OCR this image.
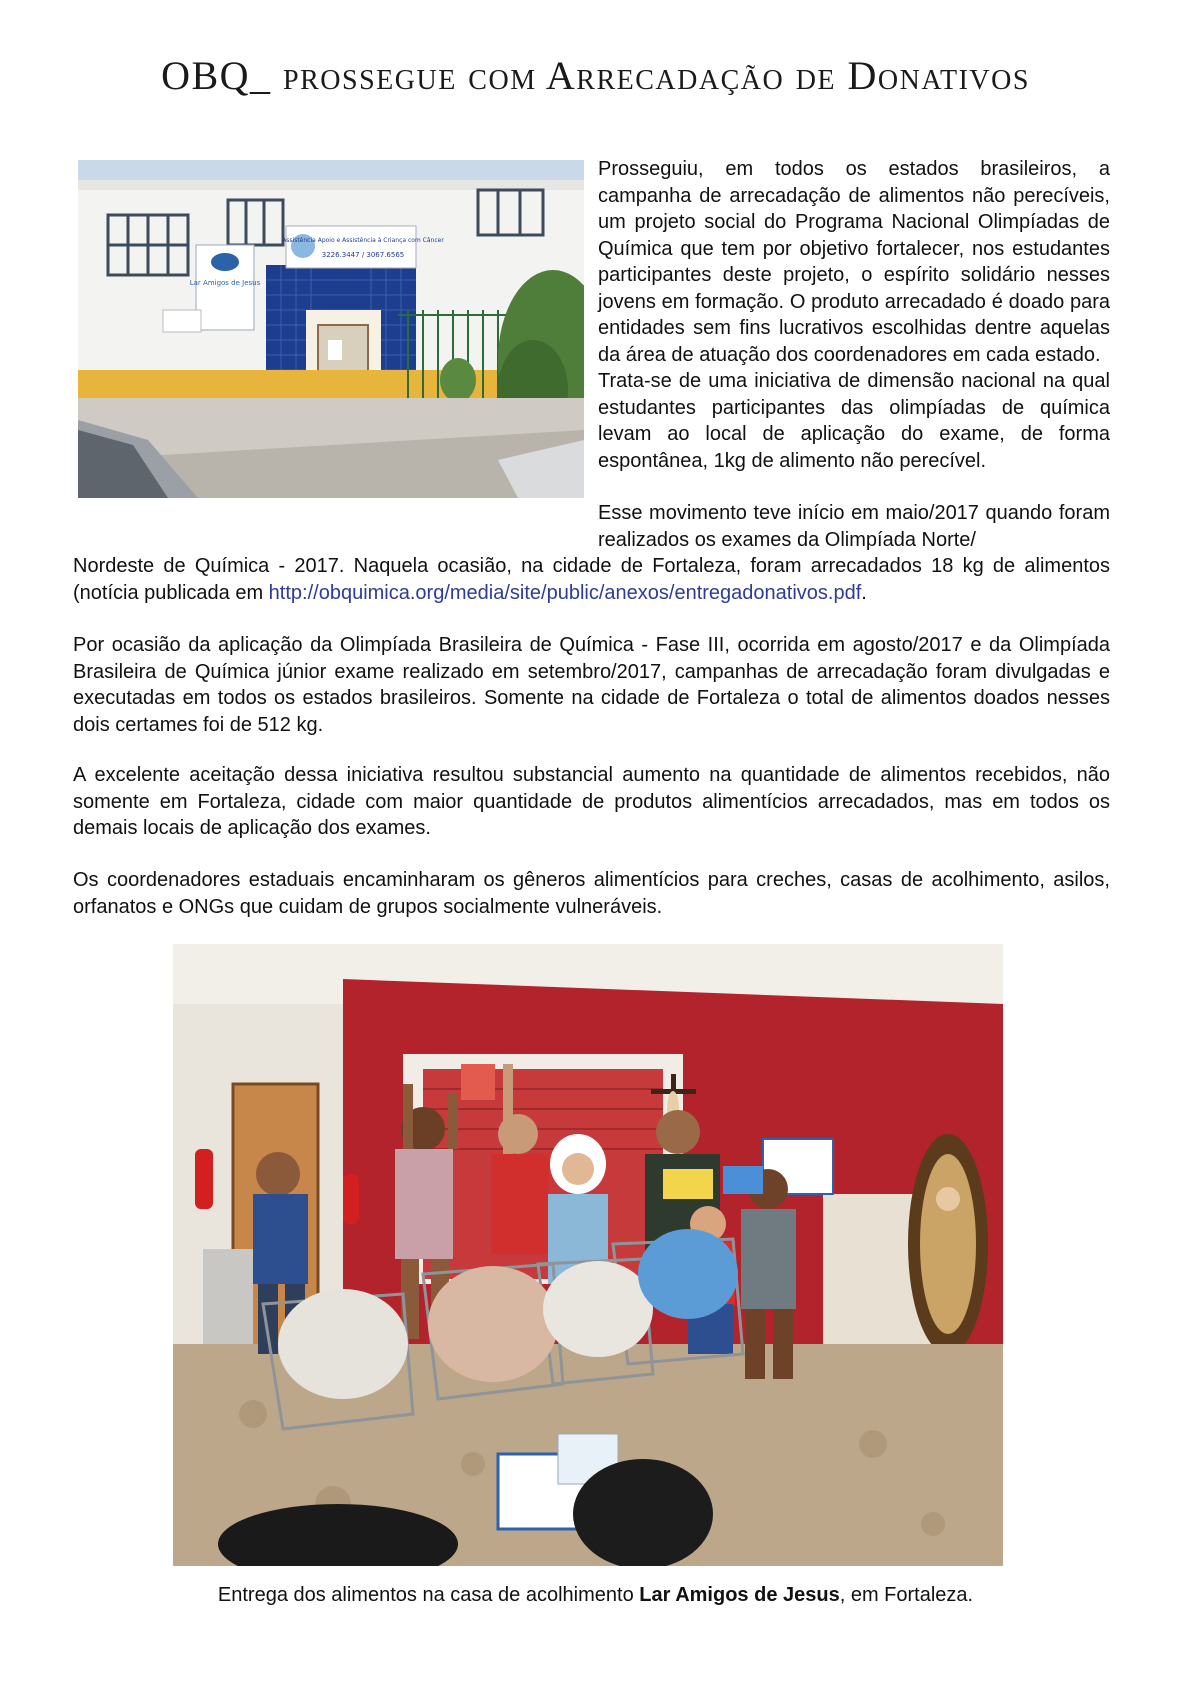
OBQ_ prossegue com Arrecadação de Donativos
Lar Amigos de Jesus
Assistência Apoio e Assistência à Criança com Câncer
3226.3447 / 3067.6565

Prosseguiu, em todos os estados brasileiros, a campanha de arrecadação de alimentos não perecíveis, um projeto social do Programa Nacional Olimpíadas de Química que tem por objetivo fortalecer, nos estudantes participantes deste projeto, o espírito solidário nesses jovens em formação. O produto arrecadado é doado para entidades sem fins lucrativos escolhidas dentre aquelas da área de atuação dos coordenadores em cada estado.
Trata-se de uma iniciativa de dimensão nacional na qual estudantes participantes das olimpíadas de química levam ao local de aplicação do exame, de forma espontânea, 1kg de alimento não perecível.

Esse movimento teve início em maio/2017 quando foram realizados os exames da Olimpíada Norte/

Nordeste de Química - 2017. Naquela ocasião, na cidade de Fortaleza, foram arrecadados 18 kg de alimentos (notícia publicada em http://obquimica.org/media/site/public/anexos/entregadonativos.pdf.

Por ocasião da aplicação da Olimpíada Brasileira de Química - Fase III, ocorrida em agosto/2017 e da Olimpíada Brasileira de Química júnior exame realizado em setembro/2017, campanhas de arrecadação foram divulgadas e executadas em todos os estados brasileiros. Somente na cidade de Fortaleza o total de alimentos doados nesses dois certames foi de 512 kg.

A excelente aceitação dessa iniciativa resultou substancial aumento na quantidade de alimentos recebidos, não somente em Fortaleza, cidade com maior quantidade de produtos alimentícios arrecadados, mas em todos os demais locais de aplicação dos exames.

Os coordenadores estaduais encaminharam os gêneros alimentícios para creches, casas de acolhimento, asilos, orfanatos e ONGs que cuidam de grupos socialmente vulneráveis.

Entrega dos alimentos na casa de acolhimento Lar Amigos de Jesus, em Fortaleza.
